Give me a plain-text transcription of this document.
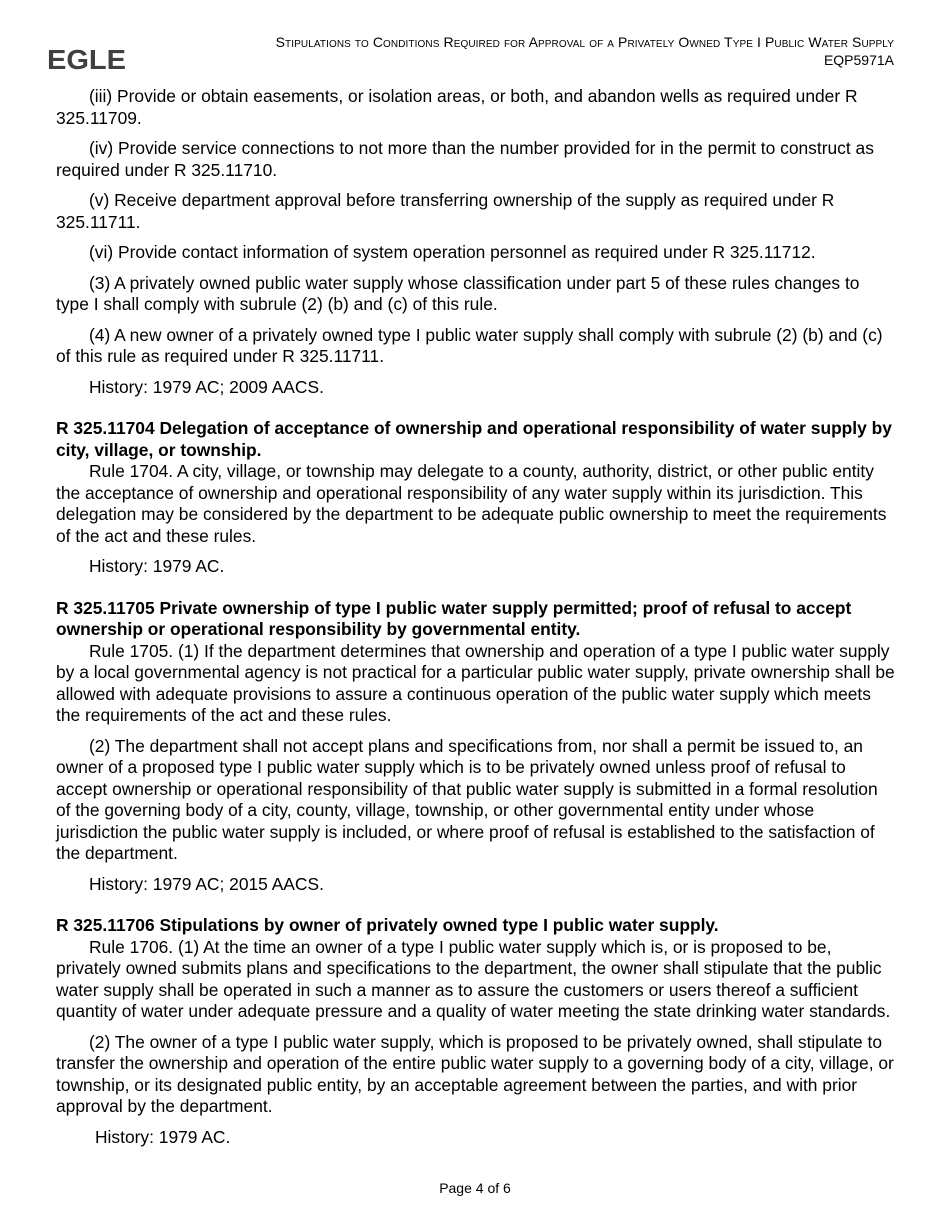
EGLE
Stipulations to Conditions Required for Approval of a Privately Owned Type I Public Water Supply
EQP5971A

(iii) Provide or obtain easements, or isolation areas, or both, and abandon wells as required under R 325.11709.

(iv) Provide service connections to not more than the number provided for in the permit to construct as required under R 325.11710.

(v) Receive department approval before transferring ownership of the supply as required under R 325.11711.

(vi) Provide contact information of system operation personnel as required under R 325.11712.

(3) A privately owned public water supply whose classification under part 5 of these rules changes to type I shall comply with subrule (2) (b) and (c) of this rule.

(4) A new owner of a privately owned type I public water supply shall comply with subrule (2) (b) and (c) of this rule as required under R 325.11711.

History: 1979 AC; 2009 AACS.

R 325.11704 Delegation of acceptance of ownership and operational responsibility of water supply by city, village, or township.

Rule 1704. A city, village, or township may delegate to a county, authority, district, or other public entity the acceptance of ownership and operational responsibility of any water supply within its jurisdiction. This delegation may be considered by the department to be adequate public ownership to meet the requirements of the act and these rules.

History: 1979 AC.

R 325.11705 Private ownership of type I public water supply permitted; proof of refusal to accept ownership or operational responsibility by governmental entity.

Rule 1705. (1) If the department determines that ownership and operation of a type I public water supply by a local governmental agency is not practical for a particular public water supply, private ownership shall be allowed with adequate provisions to assure a continuous operation of the public water supply which meets the requirements of the act and these rules.

(2) The department shall not accept plans and specifications from, nor shall a permit be issued to, an owner of a proposed type I public water supply which is to be privately owned unless proof of refusal to accept ownership or operational responsibility of that public water supply is submitted in a formal resolution of the governing body of a city, county, village, township, or other governmental entity under whose jurisdiction the public water supply is included, or where proof of refusal is established to the satisfaction of the department.

History: 1979 AC; 2015 AACS.

R 325.11706 Stipulations by owner of privately owned type I public water supply.

Rule 1706. (1) At the time an owner of a type I public water supply which is, or is proposed to be, privately owned submits plans and specifications to the department, the owner shall stipulate that the public water supply shall be operated in such a manner as to assure the customers or users thereof a sufficient quantity of water under adequate pressure and a quality of water meeting the state drinking water standards.

(2) The owner of a type I public water supply, which is proposed to be privately owned, shall stipulate to transfer the ownership and operation of the entire public water supply to a governing body of a city, village, or township, or its designated public entity, by an acceptable agreement between the parties, and with prior approval by the department.

History: 1979 AC.

Page 4 of 6
